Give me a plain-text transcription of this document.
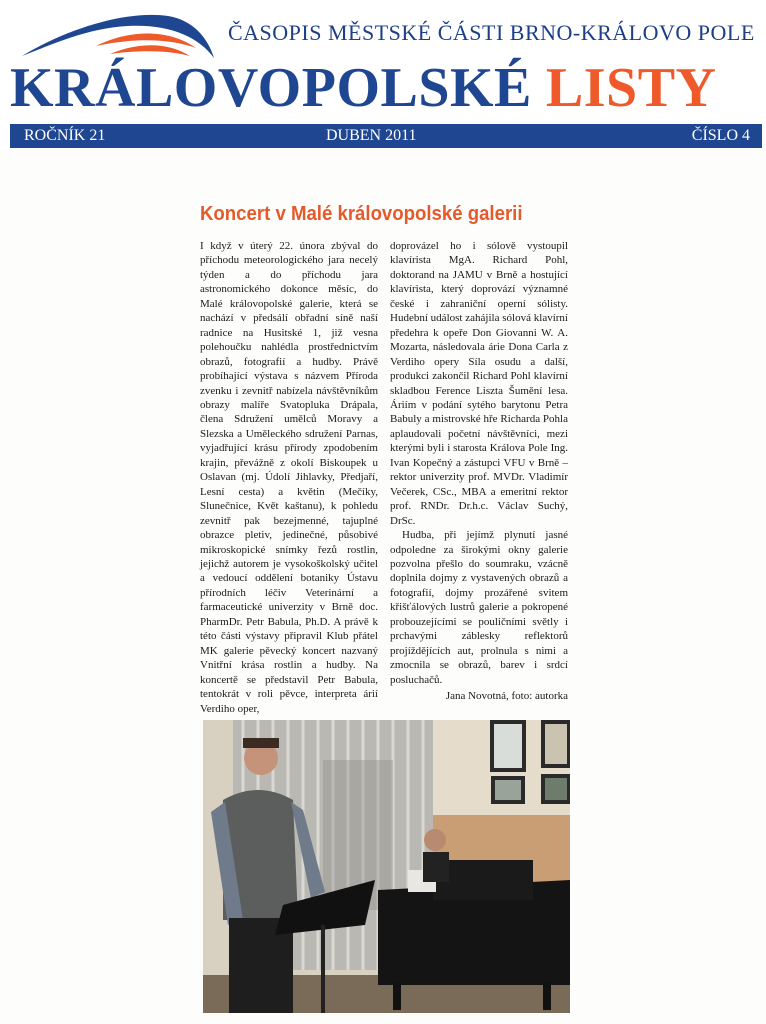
ČASOPIS MĚSTSKÉ ČÁSTI BRNO-KRÁLOVO POLE
KRÁLOVOPOLSKÉ LISTY
ROČNÍK 21	DUBEN 2011	ČÍSLO 4
Koncert v Malé královopolské galerii

I když v úterý 22. února zbýval do příchodu meteorologického jara necelý týden a do příchodu jara astronomického dokonce měsíc, do Malé královopolské galerie, která se nachází v předsálí obřadní síně naší radnice na Husitské 1, již vesna polehoučku nahlédla prostřednictvím obrazů, fotografií a hudby. Právě probíhající výstava s názvem Příroda zvenku i zevnitř nabízela návštěvníkům obrazy malíře Svatopluka Drápala, člena Sdružení umělců Moravy a Slezska a Uměleckého sdružení Parnas, vyjadřující krásu přírody zpodobením krajin, převážně z okolí Biskoupek u Oslavan (mj. Údolí Jihlavky, Předjaří, Lesní cesta) a květin (Mečíky, Slunečnice, Květ kaštanu), k pohledu zevnitř pak bezejmenné, tajuplné obrazce pletiv, jedinečné, působivé mikroskopické snímky řezů rostlin, jejichž autorem je vysokoškolský učitel a vedoucí oddělení botaniky Ústavu přírodních léčiv Veterinární a farmaceutické univerzity v Brně doc. PharmDr. Petr Babula, Ph.D. A právě k této části výstavy připravil Klub přátel MK galerie pěvecký koncert nazvaný Vnitřní krása rostlin a hudby. Na koncertě se představil Petr Babula, tentokrát v roli pěvce, interpreta árií Verdiho oper,

doprovázel ho i sólově vystoupil klavírista MgA. Richard Pohl, doktorand na JAMU v Brně a hostující klavírista, který doprovází významné české i zahraniční operní sólisty. Hudební událost zahájila sólová klavírní předehra k opeře Don Giovanni W. A. Mozarta, následovala árie Dona Carla z Verdiho opery Síla osudu a další, produkci zakončil Richard Pohl klavírní skladbou Ference Liszta Šumění lesa. Áriím v podání sytého barytonu Petra Babuly a mistrovské hře Richarda Pohla aplaudovali početní návštěvníci, mezi kterými byli i starosta Králova Pole Ing. Ivan Kopečný a zástupci VFU v Brně – rektor univerzity prof. MVDr. Vladimír Večerek, CSc., MBA a emeritní rektor prof. RNDr. Dr.h.c. Václav Suchý, DrSc.

Hudba, při jejímž plynutí jasné odpoledne za širokými okny galerie pozvolna přešlo do soumraku, vzácně doplnila dojmy z vystavených obrazů a fotografií, dojmy prozářené svitem křišťálových lustrů galerie a pokropené probouzejícími se pouličními světly i prchavými záblesky reflektorů projíždějících aut, prolnula s nimi a zmocnila se obrazů, barev i srdcí posluchačů.

Jana Novotná, foto: autorka
